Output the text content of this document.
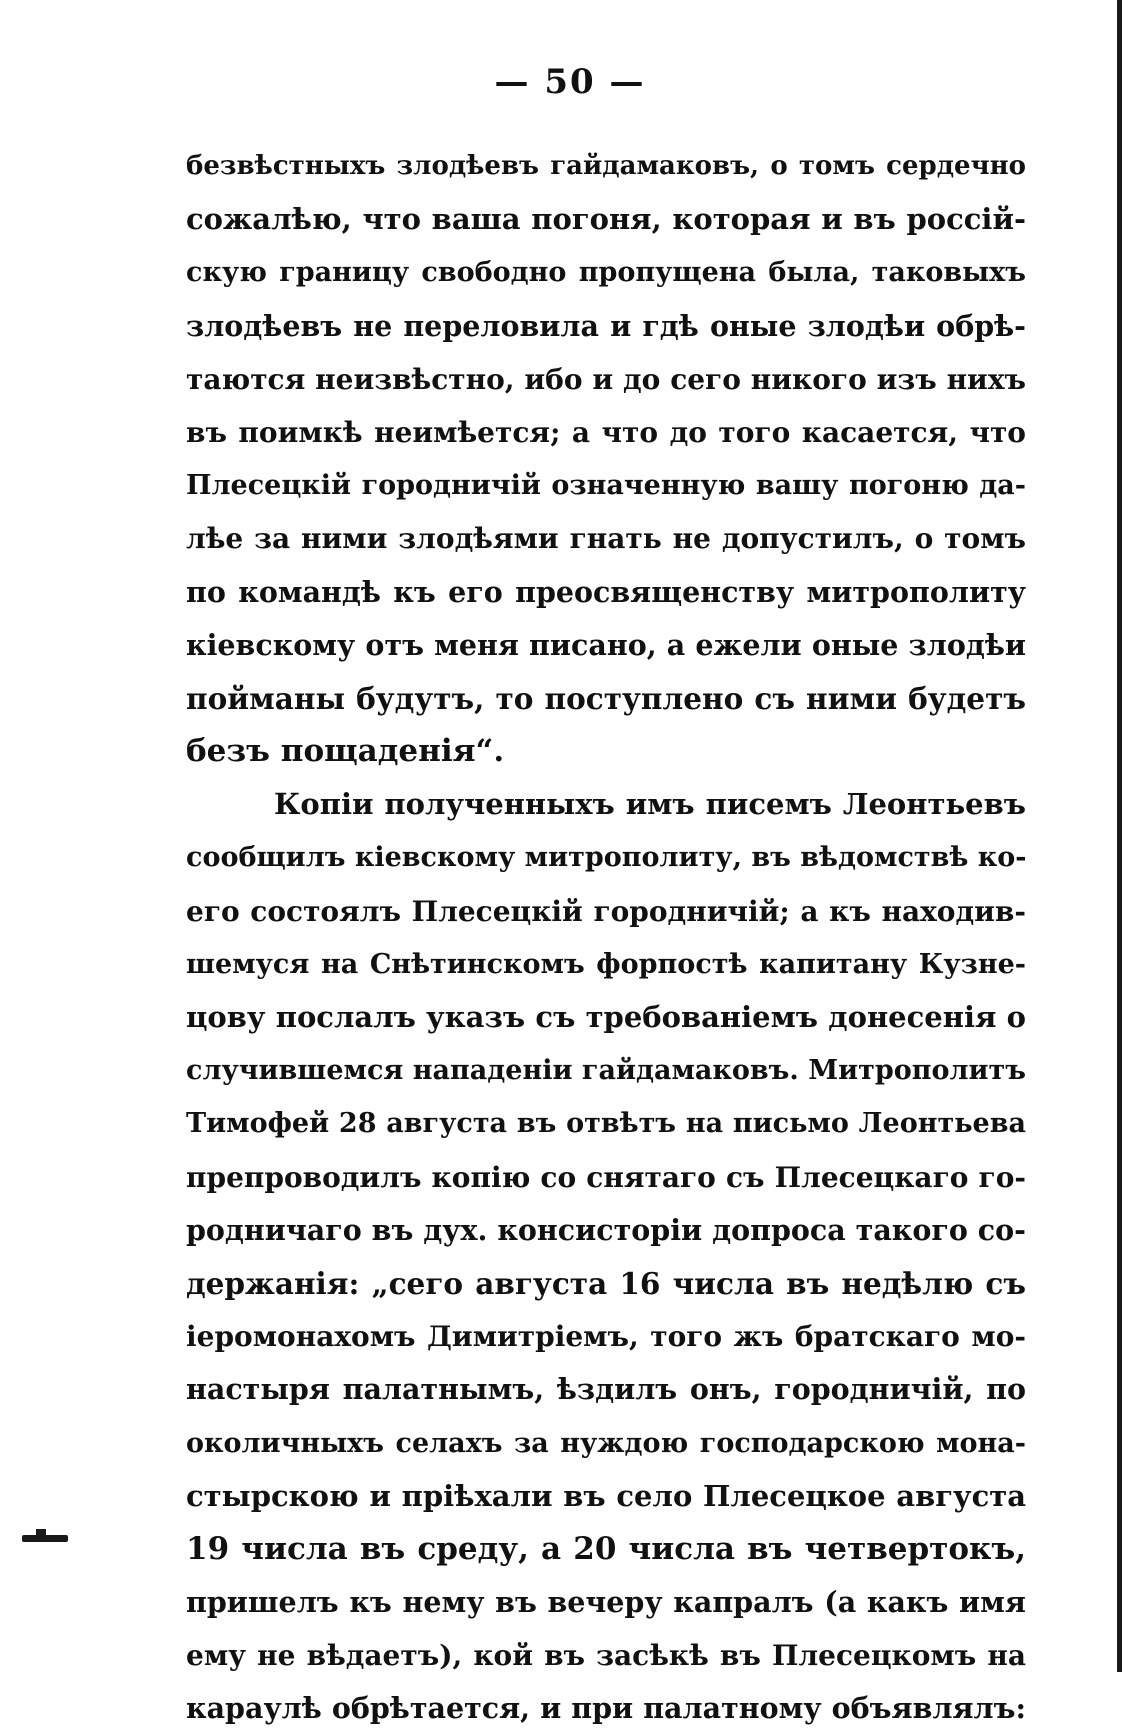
— 50 —
безвѣстныхъ злодѣевъ гайдамаковъ, о томъ сердечно
сожалѣю, что ваша погоня, которая и въ россій-
скую границу свободно пропущена была, таковыхъ
злодѣевъ не переловила и гдѣ оные злодѣи обрѣ-
таются неизвѣстно, ибо и до сего никого изъ нихъ
въ поимкѣ неимѣется; а что до того касается, что
Плесецкій городничій означенную вашу погоню да-
лѣе за ними злодѣями гнать не допустилъ, о томъ
по командѣ къ его преосвященству митрополиту
кіевскому отъ меня писано, а ежели оные злодѣи
пойманы будутъ, то поступлено съ ними будетъ
безъ пощаденія“.
Копіи полученныхъ имъ писемъ Леонтьевъ
сообщилъ кіевскому митрополиту, въ вѣдомствѣ ко-
его состоялъ Плесецкій городничій; а къ находив-
шемуся на Снѣтинскомъ форпостѣ капитану Кузне-
цову послалъ указъ съ требованіемъ донесенія о
случившемся нападеніи гайдамаковъ. Митрополитъ
Тимофей 28 августа въ отвѣтъ на письмо Леонтьева
препроводилъ копію со снятаго съ Плесецкаго го-
родничаго въ дух. консисторіи допроса такого со-
держанія: „сего августа 16 числа въ недѣлю съ
іеромонахомъ Димитріемъ, того жъ братскаго мо-
настыря палатнымъ, ѣздилъ онъ, городничій, по
околичныхъ селахъ за нуждою господарскою мона-
стырскою и пріѣхали въ село Плесецкое августа
19 числа въ среду, а 20 числа въ четвертокъ,
пришелъ къ нему въ вечеру капралъ (а какъ имя
ему не вѣдаетъ), кой въ засѣкѣ въ Плесецкомъ на
караулѣ обрѣтается, и при палатному объявлялъ:
